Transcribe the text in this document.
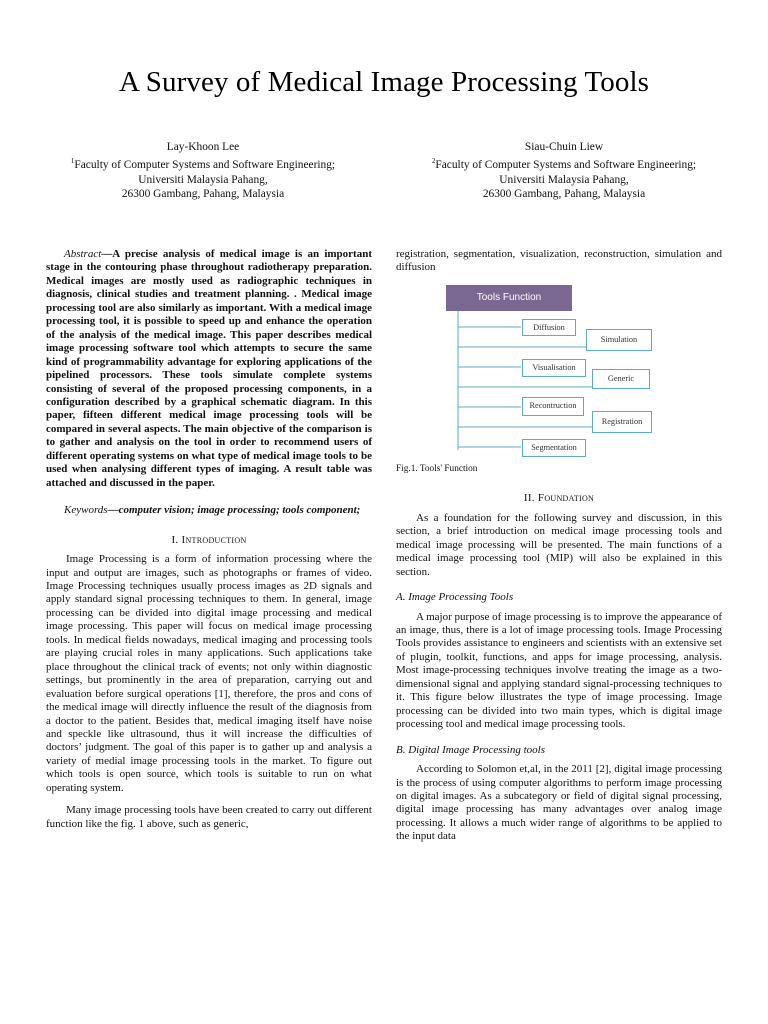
A Survey of Medical Image Processing Tools
Lay-Khoon Lee
$^1$Faculty of Computer Systems and Software Engineering;
Universiti Malaysia Pahang,
26300 Gambang, Pahang, Malaysia
Siau-Chuin Liew
$^2$Faculty of Computer Systems and Software Engineering;
Universiti Malaysia Pahang,
26300 Gambang, Pahang, Malaysia

Abstract—A precise analysis of medical image is an important stage in the contouring phase throughout radiotherapy preparation. Medical images are mostly used as radiographic techniques in diagnosis, clinical studies and treatment planning. . Medical image processing tool are also similarly as important. With a medical image processing tool, it is possible to speed up and enhance the operation of the analysis of the medical image. This paper describes medical image processing software tool which attempts to secure the same kind of programmability advantage for exploring applications of the pipelined processors. These tools simulate complete systems consisting of several of the proposed processing components, in a configuration described by a graphical schematic diagram. In this paper, fifteen different medical image processing tools will be compared in several aspects. The main objective of the comparison is to gather and analysis on the tool in order to recommend users of different operating systems on what type of medical image tools to be used when analysing different types of imaging. A result table was attached and discussed in the paper.

Keywords—computer vision; image processing; tools component;

I. Introduction

Image Processing is a form of information processing where the input and output are images, such as photographs or frames of video. Image Processing techniques usually process images as 2D signals and apply standard signal processing techniques to them. In general, image processing can be divided into digital image processing and medical image processing. This paper will focus on medical image processing tools. In medical fields nowadays, medical imaging and processing tools are playing crucial roles in many applications. Such applications take place throughout the clinical track of events; not only within diagnostic settings, but prominently in the area of preparation, carrying out and evaluation before surgical operations [1], therefore, the pros and cons of the medical image will directly influence the result of the diagnosis from a doctor to the patient. Besides that, medical imaging itself have noise and speckle like ultrasound, thus it will increase the difficulties of doctors’ judgment. The goal of this paper is to gather up and analysis a variety of medial image processing tools in the market. To figure out which tools is open source, which tools is suitable to run on what operating system.

Many image processing tools have been created to carry out different function like the fig. 1 above, such as generic,

registration, segmentation, visualization, reconstruction, simulation and diffusion

Tools Function
Diffusion
Simulation
Visualisation
Generic
Recontruction
Registration
Segmentation
Fig.1. Tools' Function
II. Foundation

As a foundation for the following survey and discussion, in this section, a brief introduction on medical image processing tools and medical image processing will be presented. The main functions of a medical image processing tool (MIP) will also be explained in this section.

A. Image Processing Tools

A major purpose of image processing is to improve the appearance of an image, thus, there is a lot of image processing tools. Image Processing Tools provides assistance to engineers and scientists with an extensive set of plugin, toolkit, functions, and apps for image processing, analysis. Most image-processing techniques involve treating the image as a two-dimensional signal and applying standard signal-processing techniques to it. This figure below illustrates the type of image processing. Image processing can be divided into two main types, which is digital image processing tool and medical image processing tools.

B. Digital Image Processing tools

According to Solomon et,al, in the 2011 [2], digital image processing is the process of using computer algorithms to perform image processing on digital images. As a subcategory or field of digital signal processing, digital image processing has many advantages over analog image processing. It allows a much wider range of algorithms to be applied to the input data
